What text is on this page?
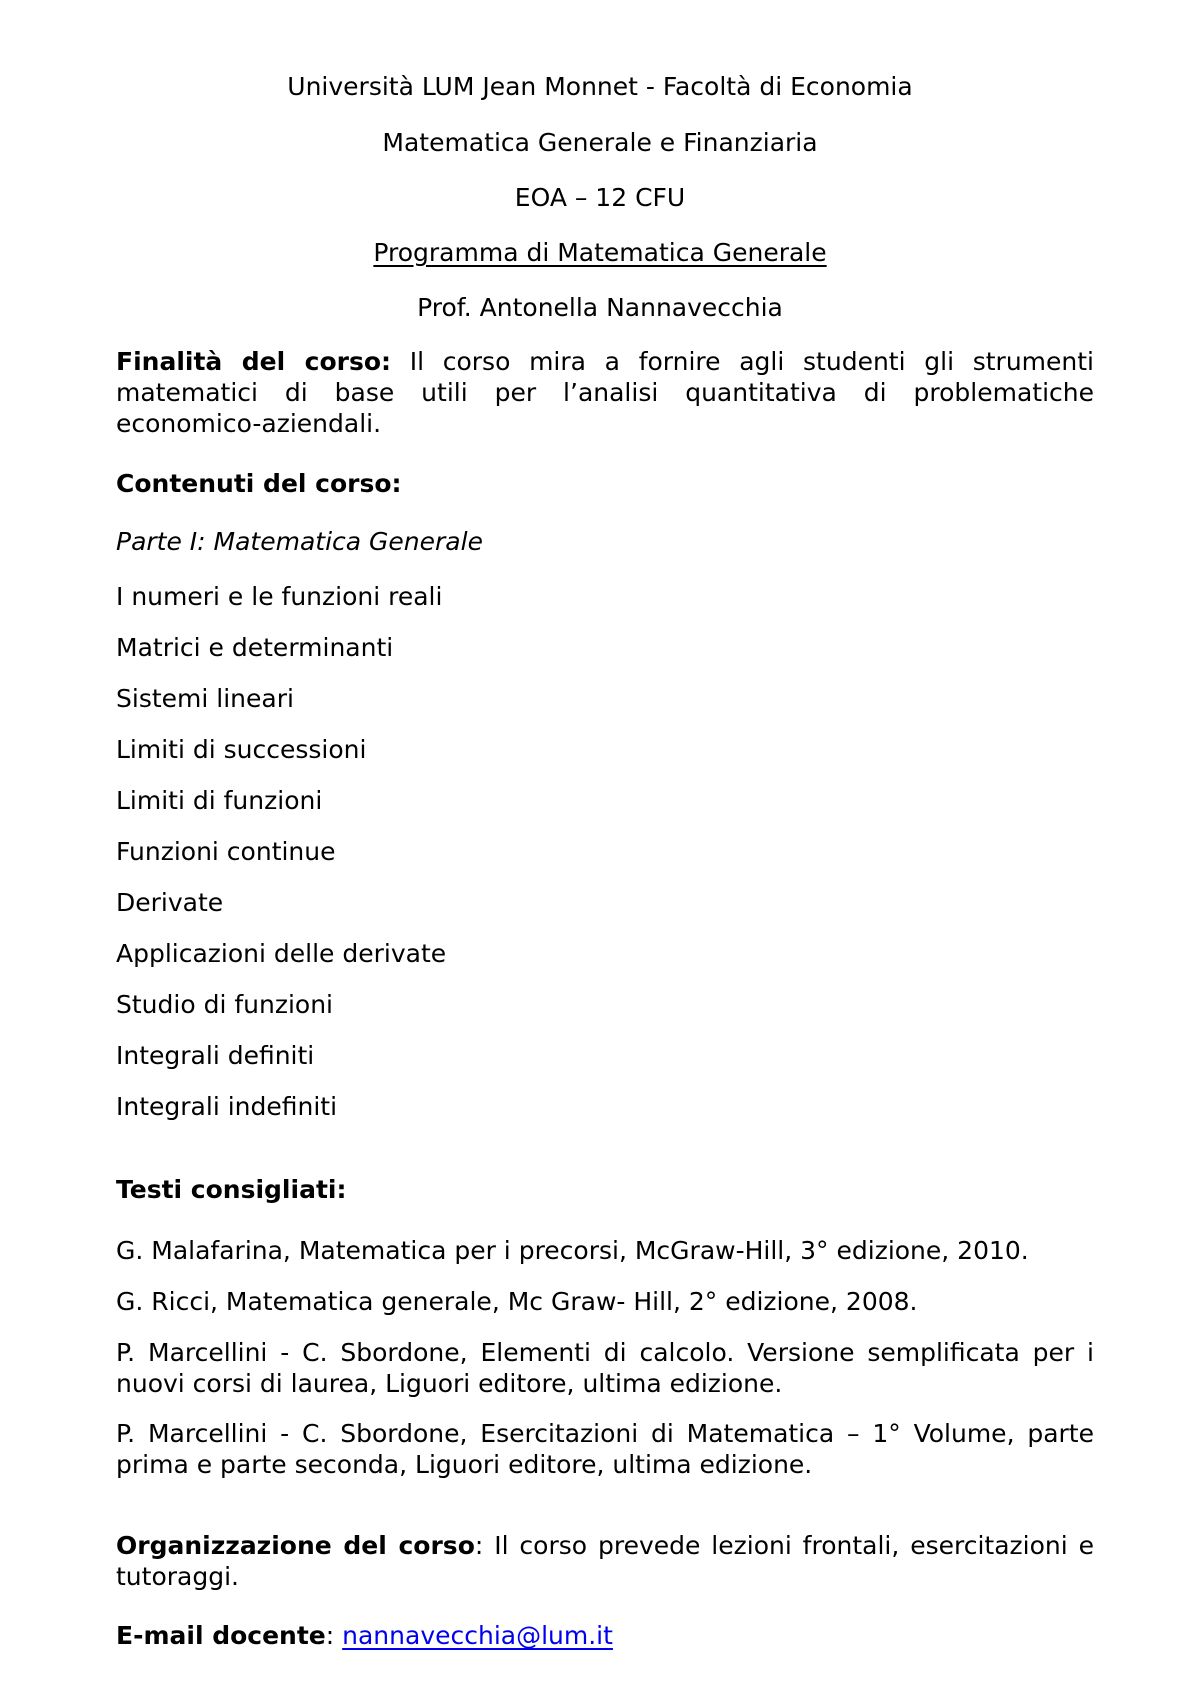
Università LUM Jean Monnet - Facoltà di Economia
Matematica Generale e Finanziaria
EOA – 12 CFU
Programma di Matematica Generale
Prof. Antonella Nannavecchia
Finalità del corso: Il corso mira a fornire agli studenti gli strumenti matematici di base utili per l’analisi quantitativa di problematiche economico-aziendali.
Contenuti del corso:
Parte I: Matematica Generale
I numeri e le funzioni reali
Matrici e determinanti
Sistemi lineari
Limiti di successioni
Limiti di funzioni
Funzioni continue
Derivate
Applicazioni delle derivate
Studio di funzioni
Integrali definiti
Integrali indefiniti
Testi consigliati:
G. Malafarina, Matematica per i precorsi, McGraw-Hill, 3° edizione, 2010.
G. Ricci, Matematica generale, Mc Graw- Hill, 2° edizione, 2008.
P. Marcellini - C. Sbordone, Elementi di calcolo. Versione semplificata per i nuovi corsi di laurea, Liguori editore, ultima edizione.
P. Marcellini - C. Sbordone, Esercitazioni di Matematica – 1° Volume, parte prima e parte seconda, Liguori editore, ultima edizione.
Organizzazione del corso: Il corso prevede lezioni frontali, esercitazioni e tutoraggi.
E-mail docente: nannavecchia@lum.it
